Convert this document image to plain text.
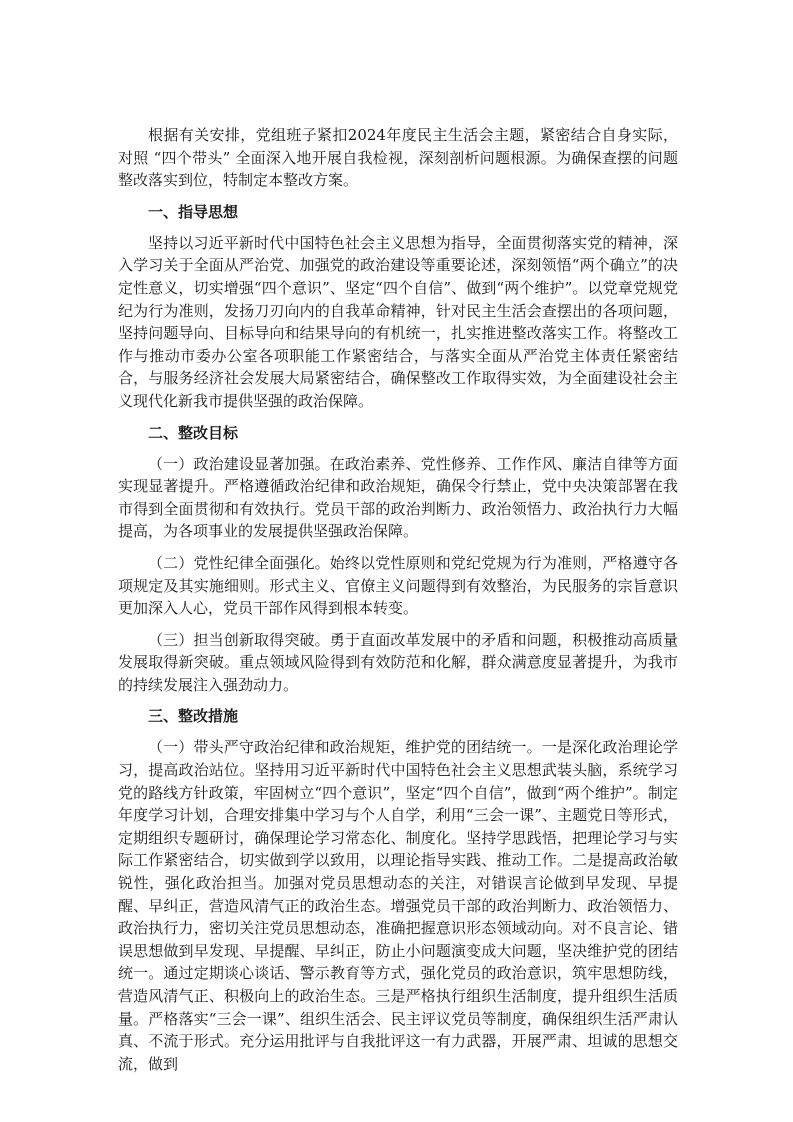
根据有关安排，党组班子紧扣2024年度民主生活会主题，紧密结合自身实际，对照 “四个带头” 全面深入地开展自我检视，深刻剖析问题根源。为确保查摆的问题整改落实到位，特制定本整改方案。

一、指导思想

坚持以习近平新时代中国特色社会主义思想为指导，全面贯彻落实党的精神，深入学习关于全面从严治党、加强党的政治建设等重要论述，深刻领悟“两个确立”的决定性意义，切实增强“四个意识”、坚定“四个自信”、做到“两个维护”。以党章党规党纪为行为准则，发扬刀刃向内的自我革命精神，针对民主生活会查摆出的各项问题，坚持问题导向、目标导向和结果导向的有机统一，扎实推进整改落实工作。将整改工作与推动市委办公室各项职能工作紧密结合，与落实全面从严治党主体责任紧密结合，与服务经济社会发展大局紧密结合，确保整改工作取得实效，为全面建设社会主义现代化新我市提供坚强的政治保障。

二、整改目标

（一）政治建设显著加强。在政治素养、党性修养、工作作风、廉洁自律等方面实现显著提升。严格遵循政治纪律和政治规矩，确保令行禁止，党中央决策部署在我市得到全面贯彻和有效执行。党员干部的政治判断力、政治领悟力、政治执行力大幅提高，为各项事业的发展提供坚强政治保障。

（二）党性纪律全面强化。始终以党性原则和党纪党规为行为准则，严格遵守各项规定及其实施细则。形式主义、官僚主义问题得到有效整治，为民服务的宗旨意识更加深入人心，党员干部作风得到根本转变。

（三）担当创新取得突破。勇于直面改革发展中的矛盾和问题，积极推动高质量发展取得新突破。重点领域风险得到有效防范和化解，群众满意度显著提升，为我市的持续发展注入强劲动力。

三、整改措施

（一）带头严守政治纪律和政治规矩，维护党的团结统一。一是深化政治理论学习，提高政治站位。坚持用习近平新时代中国特色社会主义思想武装头脑，系统学习党的路线方针政策，牢固树立“四个意识”，坚定“四个自信”，做到“两个维护”。制定年度学习计划，合理安排集中学习与个人自学，利用“三会一课”、主题党日等形式，定期组织专题研讨，确保理论学习常态化、制度化。坚持学思践悟，把理论学习与实际工作紧密结合，切实做到学以致用，以理论指导实践、推动工作。二是提高政治敏锐性，强化政治担当。加强对党员思想动态的关注，对错误言论做到早发现、早提醒、早纠正，营造风清气正的政治生态。增强党员干部的政治判断力、政治领悟力、政治执行力，密切关注党员思想动态，准确把握意识形态领域动向。对不良言论、错误思想做到早发现、早提醒、早纠正，防止小问题演变成大问题，坚决维护党的团结统一。通过定期谈心谈话、警示教育等方式，强化党员的政治意识，筑牢思想防线，营造风清气正、积极向上的政治生态。三是严格执行组织生活制度，提升组织生活质量。严格落实“三会一课”、组织生活会、民主评议党员等制度，确保组织生活严肃认真、不流于形式。充分运用批评与自我批评这一有力武器，开展严肃、坦诚的思想交流，做到
